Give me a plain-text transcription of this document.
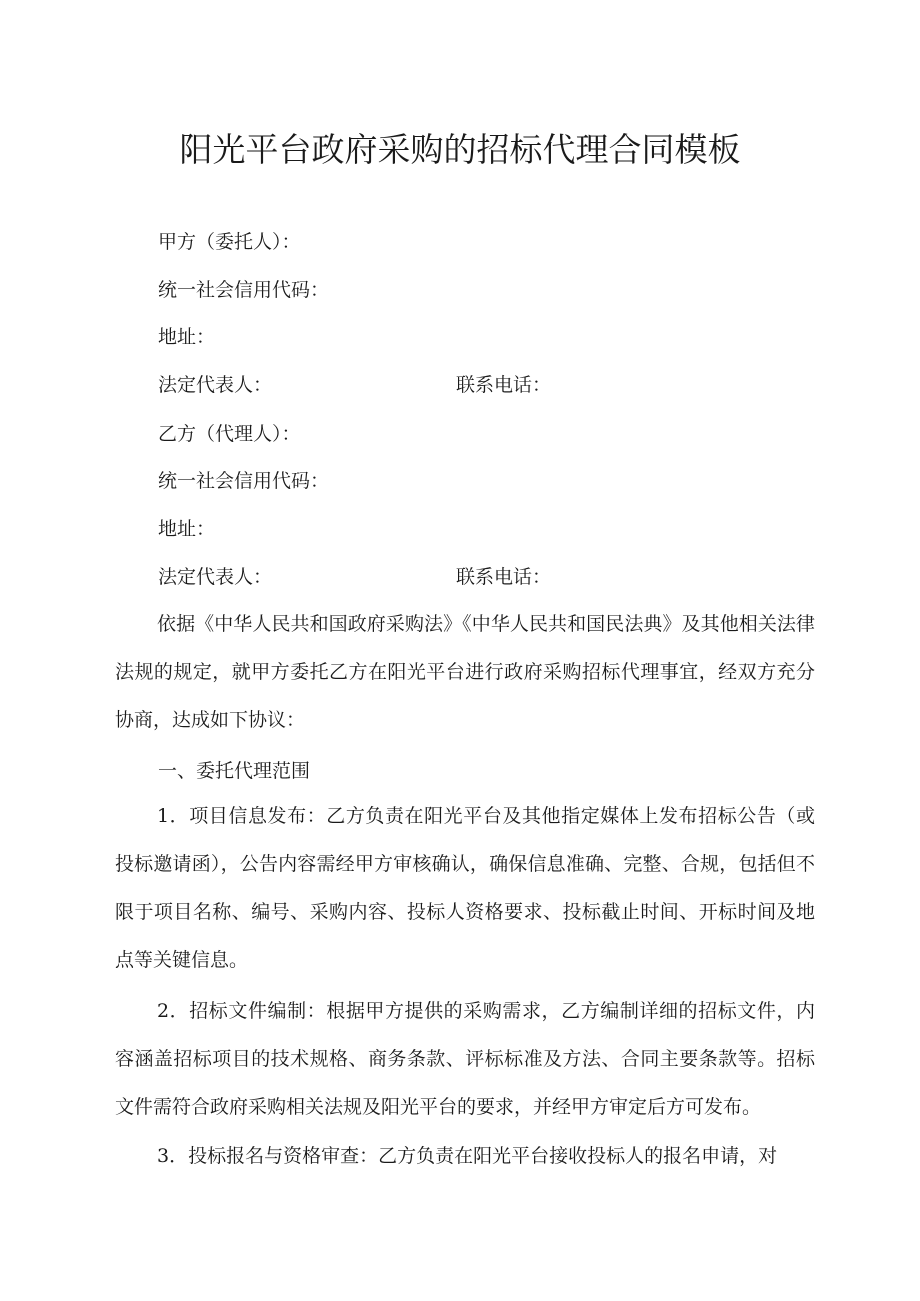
阳光平台政府采购的招标代理合同模板
甲方（委托人）：
统一社会信用代码：
地址：
法定代表人：	联系电话：
乙方（代理人）：
统一社会信用代码：
地址：
法定代表人：	联系电话：
依据《中华人民共和国政府采购法》《中华人民共和国民法典》及其他相关法律法规的规定，就甲方委托乙方在阳光平台进行政府采购招标代理事宜，经双方充分协商，达成如下协议：
一、委托代理范围
1．项目信息发布：乙方负责在阳光平台及其他指定媒体上发布招标公告（或投标邀请函），公告内容需经甲方审核确认，确保信息准确、完整、合规，包括但不限于项目名称、编号、采购内容、投标人资格要求、投标截止时间、开标时间及地点等关键信息。
2．招标文件编制：根据甲方提供的采购需求，乙方编制详细的招标文件，内容涵盖招标项目的技术规格、商务条款、评标标准及方法、合同主要条款等。招标文件需符合政府采购相关法规及阳光平台的要求，并经甲方审定后方可发布。
3．投标报名与资格审查：乙方负责在阳光平台接收投标人的报名申请，对
